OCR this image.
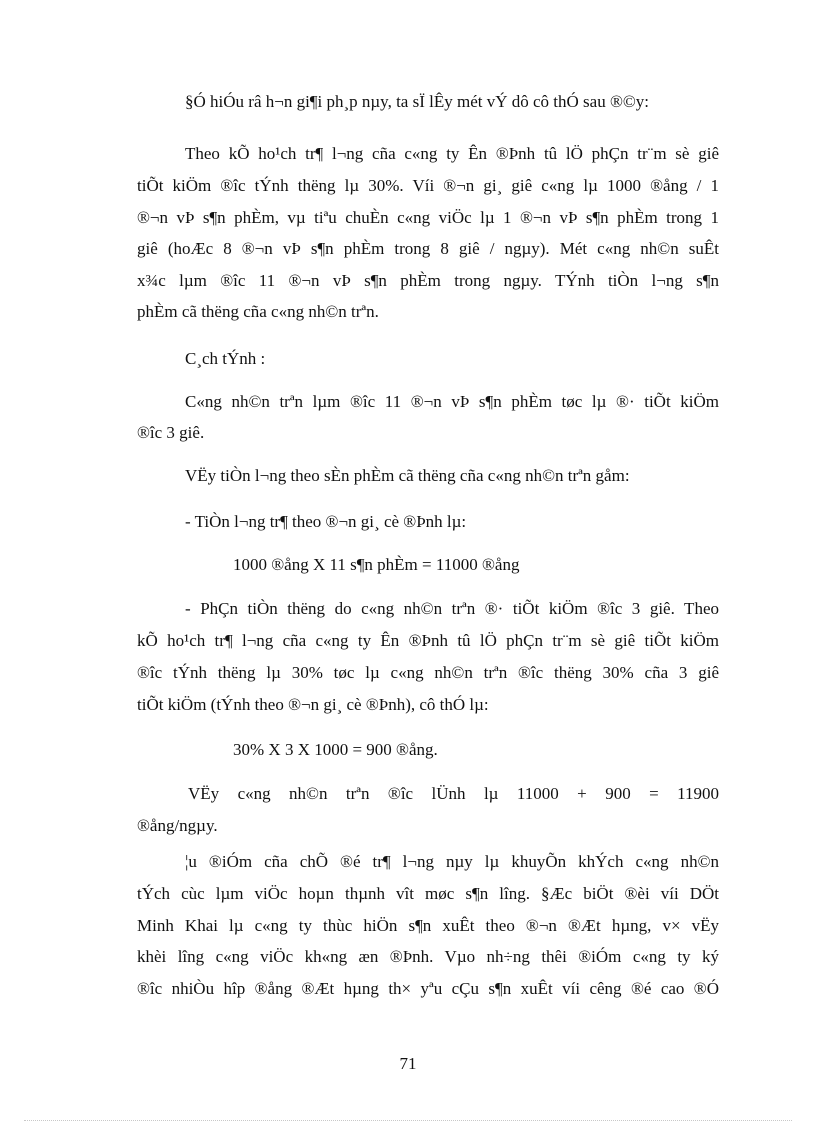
§Ó hiÓu râ h¬n gi¶i ph¸p nµy, ta sÏ lÊy mét vÝ dô cô thÓ sau ®©y:
Theo kÕ ho¹ch tr¶ l¬ng cña c«ng ty Ên ®Þnh tû lÖ phÇn tr¨m sè giê
tiÕt kiÖm ®îc tÝnh thëng lµ 30%. Víi ®¬n gi¸ giê c«ng lµ 1000 ®ång / 1
®¬n vÞ s¶n phÈm, vµ tiªu chuÈn c«ng viÖc lµ 1 ®¬n vÞ s¶n phÈm trong 1
giê (hoÆc 8 ®¬n vÞ s¶n phÈm trong 8 giê / ngµy). Mét c«ng nh©n suÊt
x¾c lµm ®îc 11 ®¬n vÞ s¶n phÈm trong ngµy. TÝnh tiÒn l¬ng s¶n
phÈm cã thëng cña c«ng nh©n trªn.
C¸ch tÝnh :
C«ng nh©n trªn lµm ®îc 11 ®¬n vÞ s¶n phÈm tøc lµ ®· tiÕt kiÖm
®îc 3 giê.
VËy tiÒn l¬ng theo sÈn phÈm cã thëng cña c«ng nh©n trªn gåm:
- TiÒn l¬ng tr¶ theo ®¬n gi¸ cè ®Þnh lµ:
1000 ®ång X 11 s¶n phÈm = 11000 ®ång
- PhÇn tiÒn thëng do c«ng nh©n trªn ®· tiÕt kiÖm ®îc 3 giê. Theo
kÕ ho¹ch tr¶ l¬ng cña c«ng ty Ên ®Þnh tû lÖ phÇn tr¨m sè giê tiÕt kiÖm
®îc tÝnh thëng lµ 30% tøc lµ c«ng nh©n trªn ®îc thëng 30% cña 3 giê
tiÕt kiÖm (tÝnh theo ®¬n gi¸ cè ®Þnh), cô thÓ lµ:
30% X 3 X 1000 = 900 ®ång.
VËy c«ng nh©n trªn ®îc lÜnh lµ 11000 + 900 = 11900
®ång/ngµy.
¦u ®iÓm cña chÕ ®é tr¶ l¬ng nµy lµ khuyÕn khÝch c«ng nh©n
tÝch cùc lµm viÖc hoµn thµnh vît møc s¶n lîng. §Æc biÖt ®èi víi DÖt
Minh Khai lµ c«ng ty thùc hiÖn s¶n xuÊt theo ®¬n ®Æt hµng, v× vËy
khèi lîng c«ng viÖc kh«ng æn ®Þnh. Vµo nh÷ng thêi ®iÓm c«ng ty ký
®îc nhiÒu hîp ®ång ®Æt hµng th× yªu cÇu s¶n xuÊt víi cêng ®é cao ®Ó
71
